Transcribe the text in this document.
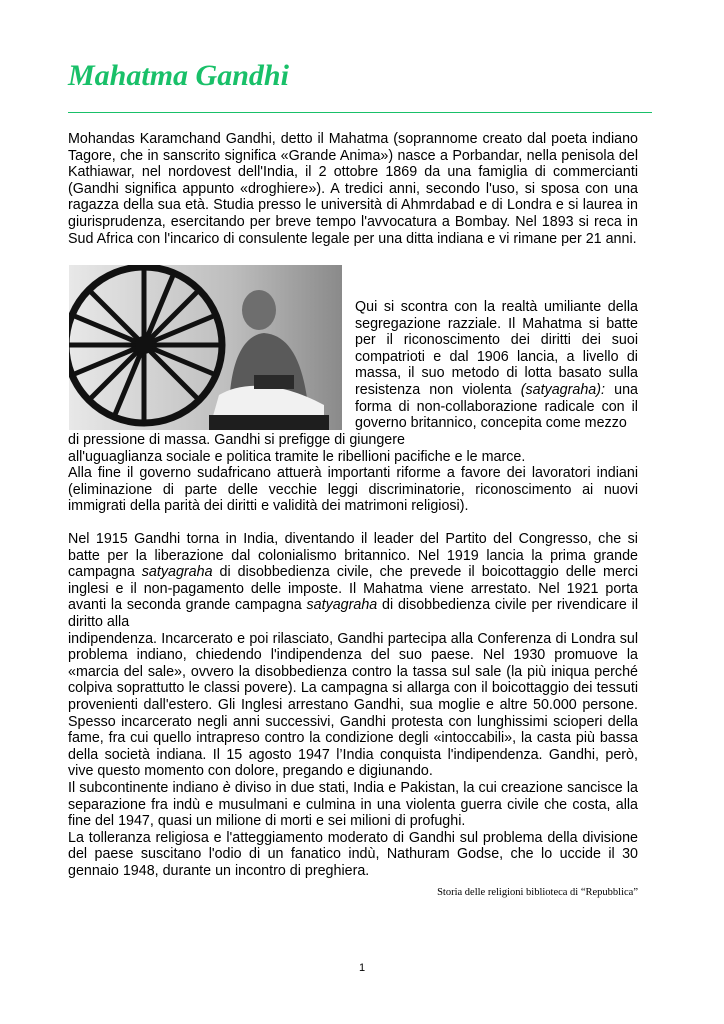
Mahatma Gandhi

Mohandas Karamchand Gandhi, detto il Mahatma (soprannome creato dal poeta indiano Tagore, che in sanscrito significa «Grande Anima») nasce a Porbandar, nella penisola del Kathiawar, nel nordovest dell'India, il 2 ottobre 1869 da una famiglia di commercianti (Gandhi significa appunto «droghiere»). A tredici anni, secondo l'uso, si sposa con una ragazza della sua età. Studia presso le università di Ahmrdabad e di Londra e si laurea in giurisprudenza, esercitando per breve tempo l'avvocatura a Bombay. Nel 1893 si reca in Sud Africa con l'incarico di consulente legale per una ditta indiana e vi rimane per 21 anni.

Qui si scontra con la realtà umiliante della segregazione razziale. Il Mahatma si batte per il riconoscimento dei diritti dei suoi compatrioti e dal 1906 lancia, a livello di massa, il suo metodo di lotta basato sulla resistenza non violenta (satyagraha): una forma di non-collaborazione radicale con il governo britannico, concepita come mezzo

di pressione di massa. Gandhi si prefigge di giungere
all'uguaglianza sociale e politica tramite le ribellioni pacifiche e le marce.
Alla fine il governo sudafricano attuerà importanti riforme a favore dei lavoratori indiani (eliminazione di parte delle vecchie leggi discriminatorie, riconoscimento ai nuovi immigrati della parità dei diritti e validità dei matrimoni religiosi).
Nel 1915 Gandhi torna in India, diventando il leader del Partito del Congresso, che si batte per la liberazione dal colonialismo britannico. Nel 1919 lancia la prima grande campagna satyagraha di disobbedienza civile, che prevede il boicottaggio delle merci inglesi e il non-pagamento delle imposte. Il Mahatma viene arrestato. Nel 1921 porta avanti la seconda grande campagna satyagraha di disobbedienza civile per rivendicare il diritto alla
indipendenza. Incarcerato e poi rilasciato, Gandhi partecipa alla Conferenza di Londra sul problema indiano, chiedendo l'indipendenza del suo paese. Nel 1930 promuove la «marcia del sale», ovvero la disobbedienza contro la tassa sul sale (la più iniqua perché colpiva soprattutto le classi povere). La campagna si allarga con il boicottaggio dei tessuti provenienti dall'estero. Gli Inglesi arrestano Gandhi, sua moglie e altre 50.000 persone. Spesso incarcerato negli anni successivi, Gandhi protesta con lunghissimi scioperi della fame, fra cui quello intrapreso contro la condizione degli «intoccabili», la casta più bassa della società indiana. Il 15 agosto 1947 l’India conquista l'indipendenza. Gandhi, però, vive questo momento con dolore, pregando e digiunando.
Il subcontinente indiano è diviso in due stati, India e Pakistan, la cui creazione sancisce la separazione fra indù e musulmani e culmina in una violenta guerra civile che costa, alla fine del 1947, quasi un milione di morti e sei milioni di profughi.
La tolleranza religiosa e l'atteggiamento moderato di Gandhi sul problema della divisione del paese suscitano l'odio di un fanatico indù, Nathuram Godse, che lo uccide il 30 gennaio 1948, durante un incontro di preghiera.

Storia delle religioni biblioteca di “Repubblica”

1
